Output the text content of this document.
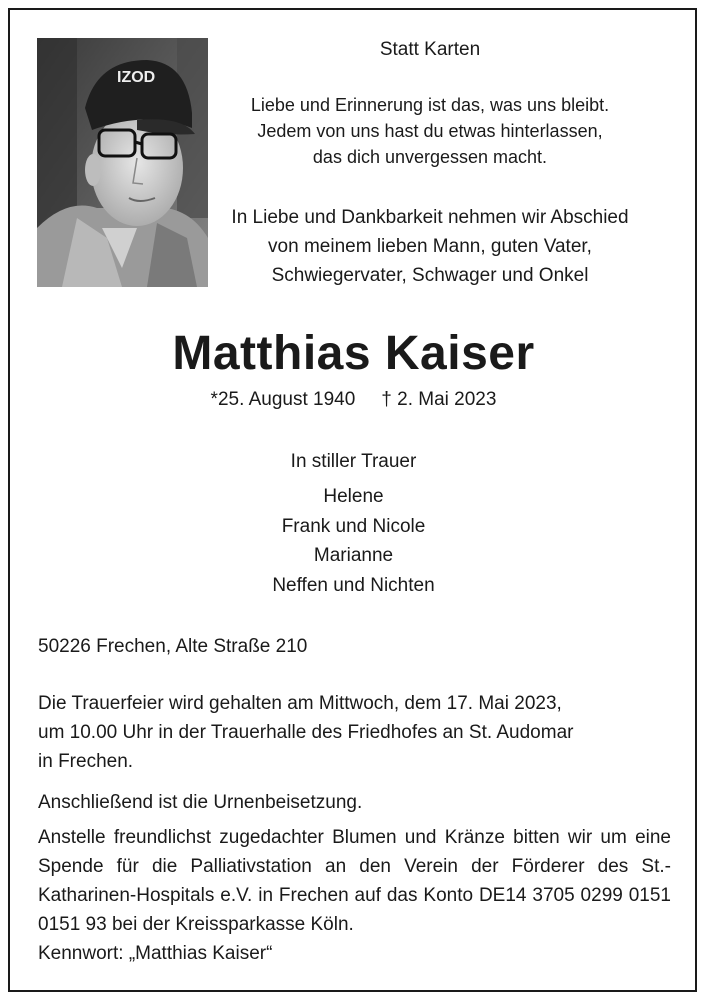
IZOD
Statt Karten
Liebe und Erinnerung ist das, was uns bleibt.
Jedem von uns hast du etwas hinterlassen,
das dich unvergessen macht.
In Liebe und Dankbarkeit nehmen wir Abschied
von meinem lieben Mann, guten Vater,
Schwiegervater, Schwager und Onkel
Matthias Kaiser
*25. August 1940 † 2. Mai 2023
In stiller Trauer
Helene
Frank und Nicole
Marianne
Neffen und Nichten
50226 Frechen, Alte Straße 210
Die Trauerfeier wird gehalten am Mittwoch, dem 17. Mai 2023,
um 10.00 Uhr in der Trauerhalle des Friedhofes an St. Audomar
in Frechen.
Anschließend ist die Urnenbeisetzung.
Anstelle freundlichst zugedachter Blumen und Kränze bitten wir um eine Spende für die Palliativstation an den Verein der Förderer des St.-Katharinen-Hospitals e.V. in Frechen auf das Konto DE14 3705 0299 0151 0151 93 bei der Kreissparkasse Köln.
Kennwort: „Matthias Kaiser“
